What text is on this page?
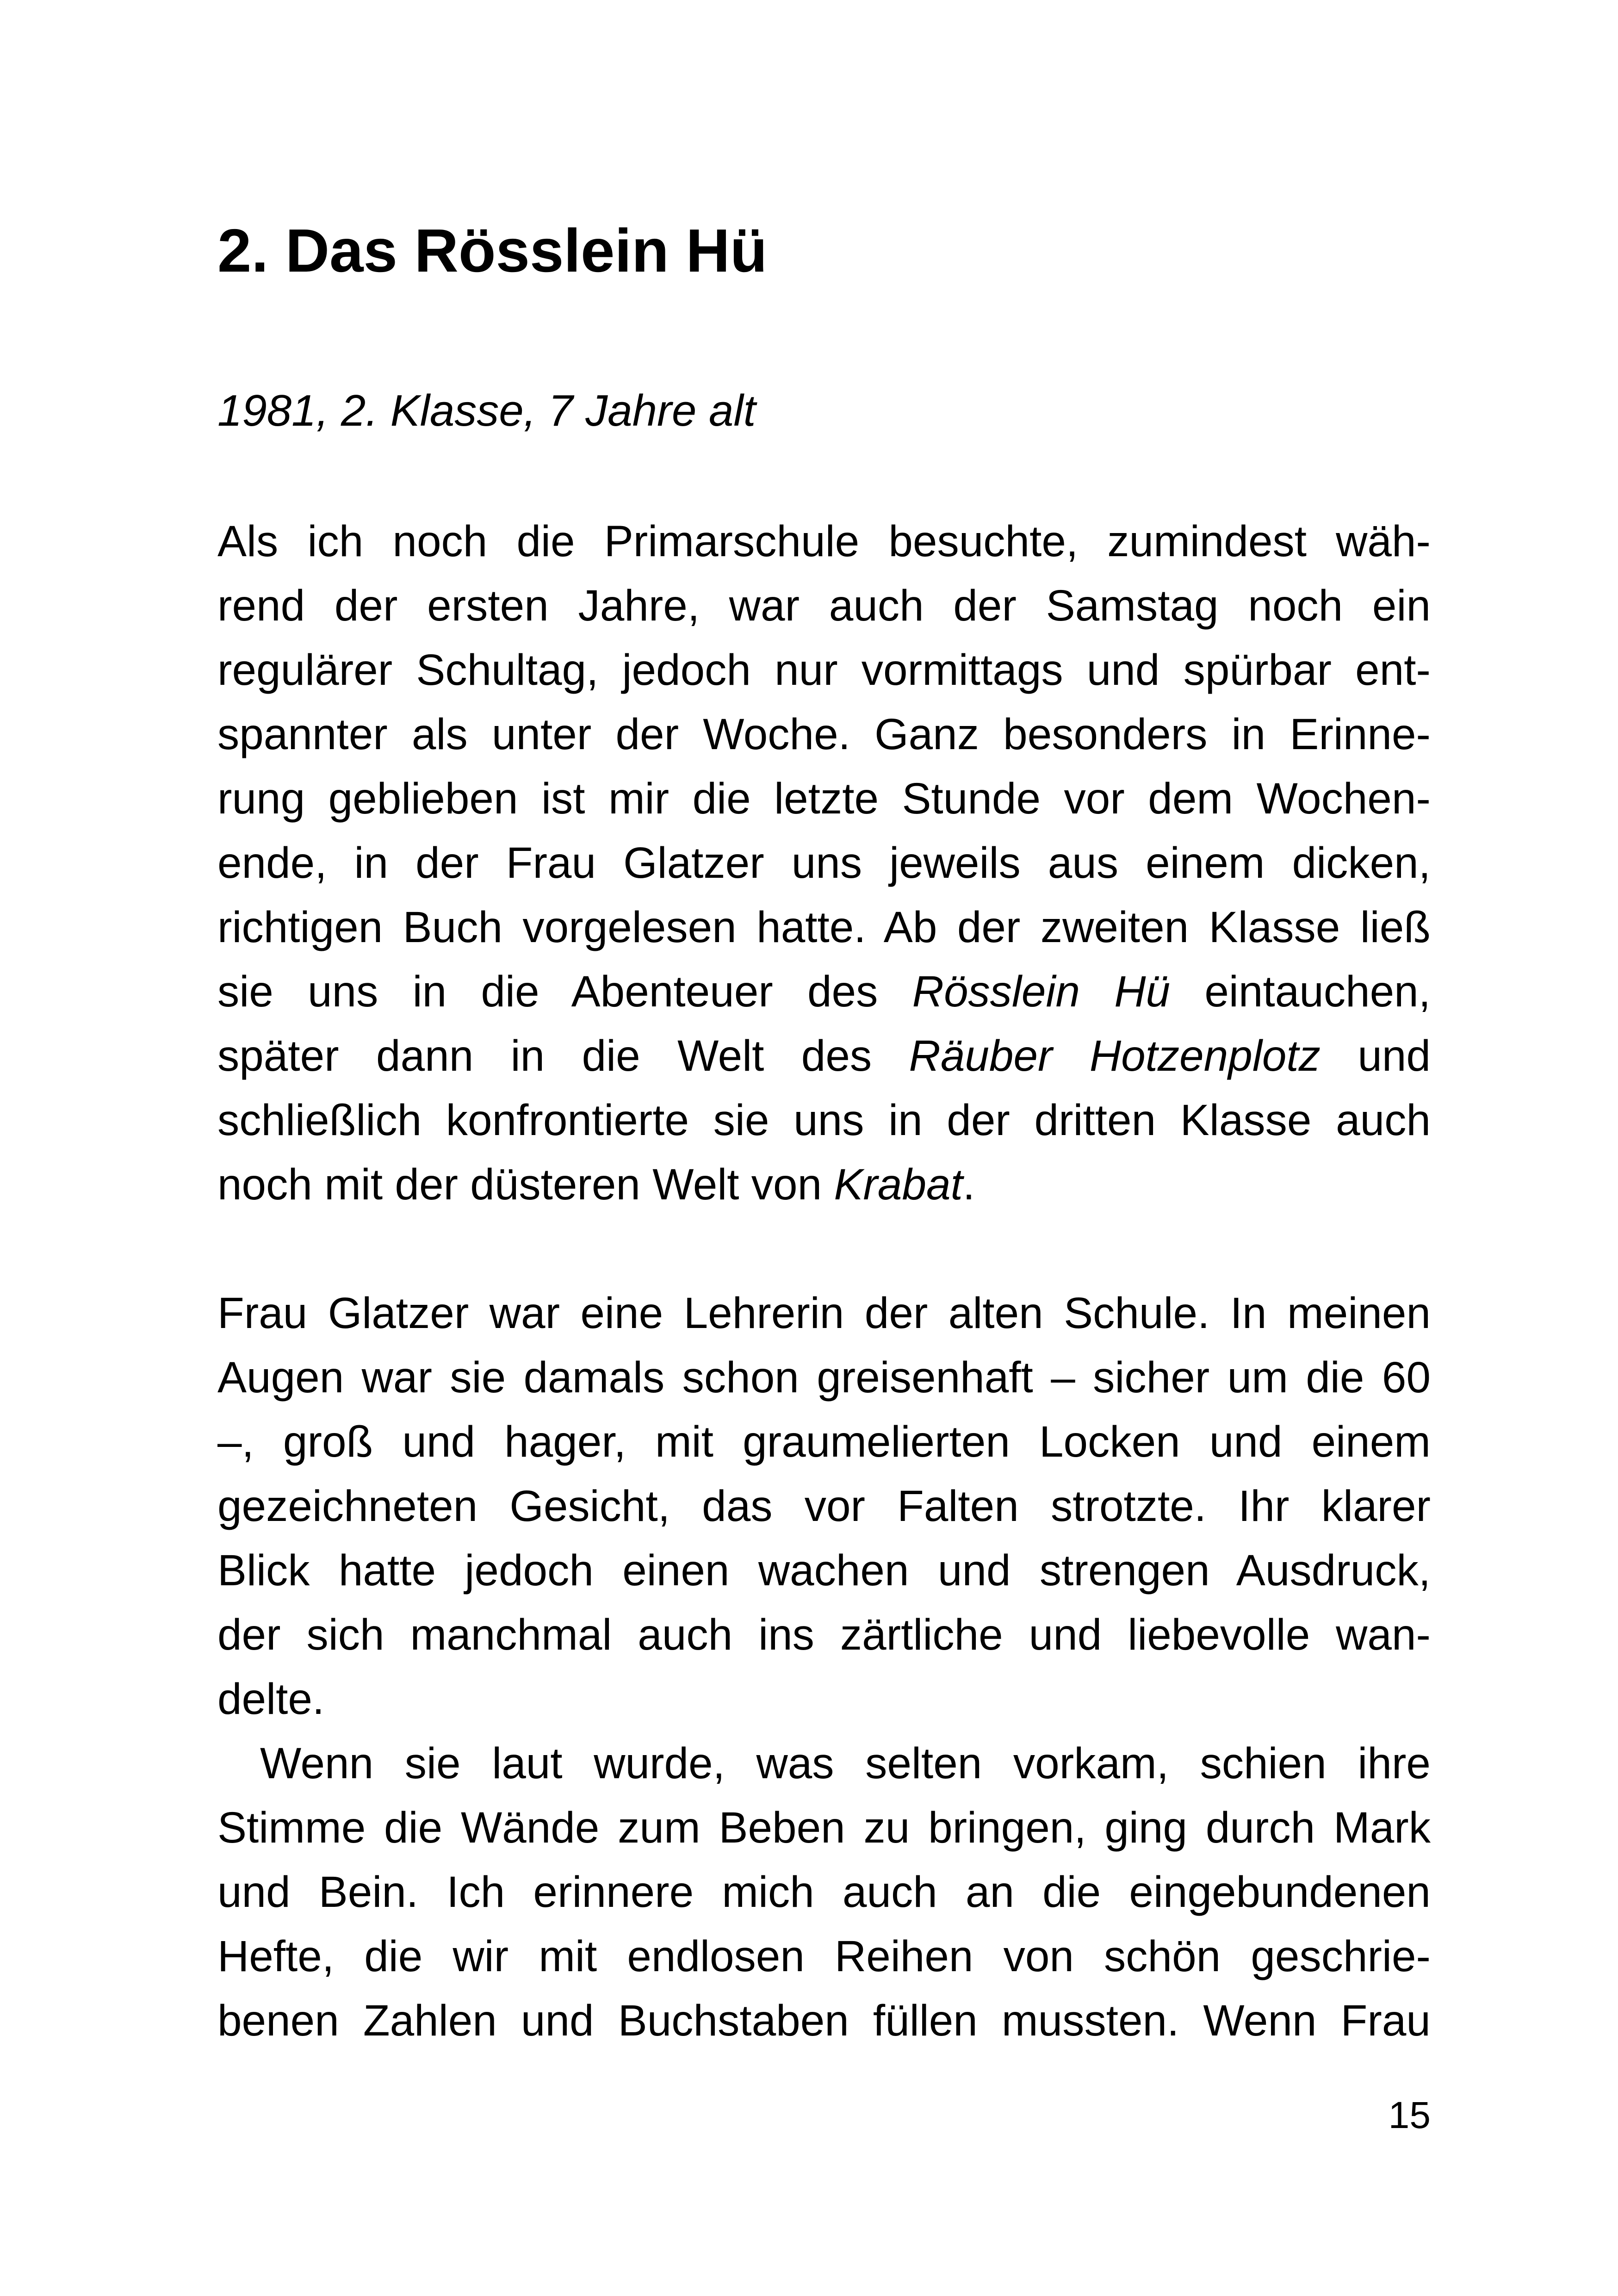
2. Das Rösslein Hü

1981, 2. Klasse, 7 Jahre alt

Als ich noch die Primarschule besuchte, zumindest wäh-
rend der ersten Jahre, war auch der Samstag noch ein
regulärer Schultag, jedoch nur vormittags und spürbar ent-
spannter als unter der Woche. Ganz besonders in Erinne-
rung geblieben ist mir die letzte Stunde vor dem Wochen-
ende, in der Frau Glatzer uns jeweils aus einem dicken,
richtigen Buch vorgelesen hatte. Ab der zweiten Klasse ließ
sie uns in die Abenteuer des Rösslein Hü eintauchen,
später dann in die Welt des Räuber Hotzenplotz und
schließlich konfrontierte sie uns in der dritten Klasse auch
noch mit der düsteren Welt von Krabat.
Frau Glatzer war eine Lehrerin der alten Schule. In meinen
Augen war sie damals schon greisenhaft – sicher um die 60
–, groß und hager, mit graumelierten Locken und einem
gezeichneten Gesicht, das vor Falten strotzte. Ihr klarer
Blick hatte jedoch einen wachen und strengen Ausdruck,
der sich manchmal auch ins zärtliche und liebevolle wan-
delte.
Wenn sie laut wurde, was selten vorkam, schien ihre
Stimme die Wände zum Beben zu bringen, ging durch Mark
und Bein. Ich erinnere mich auch an die eingebundenen
Hefte, die wir mit endlosen Reihen von schön geschrie-
benen Zahlen und Buchstaben füllen mussten. Wenn Frau
15
